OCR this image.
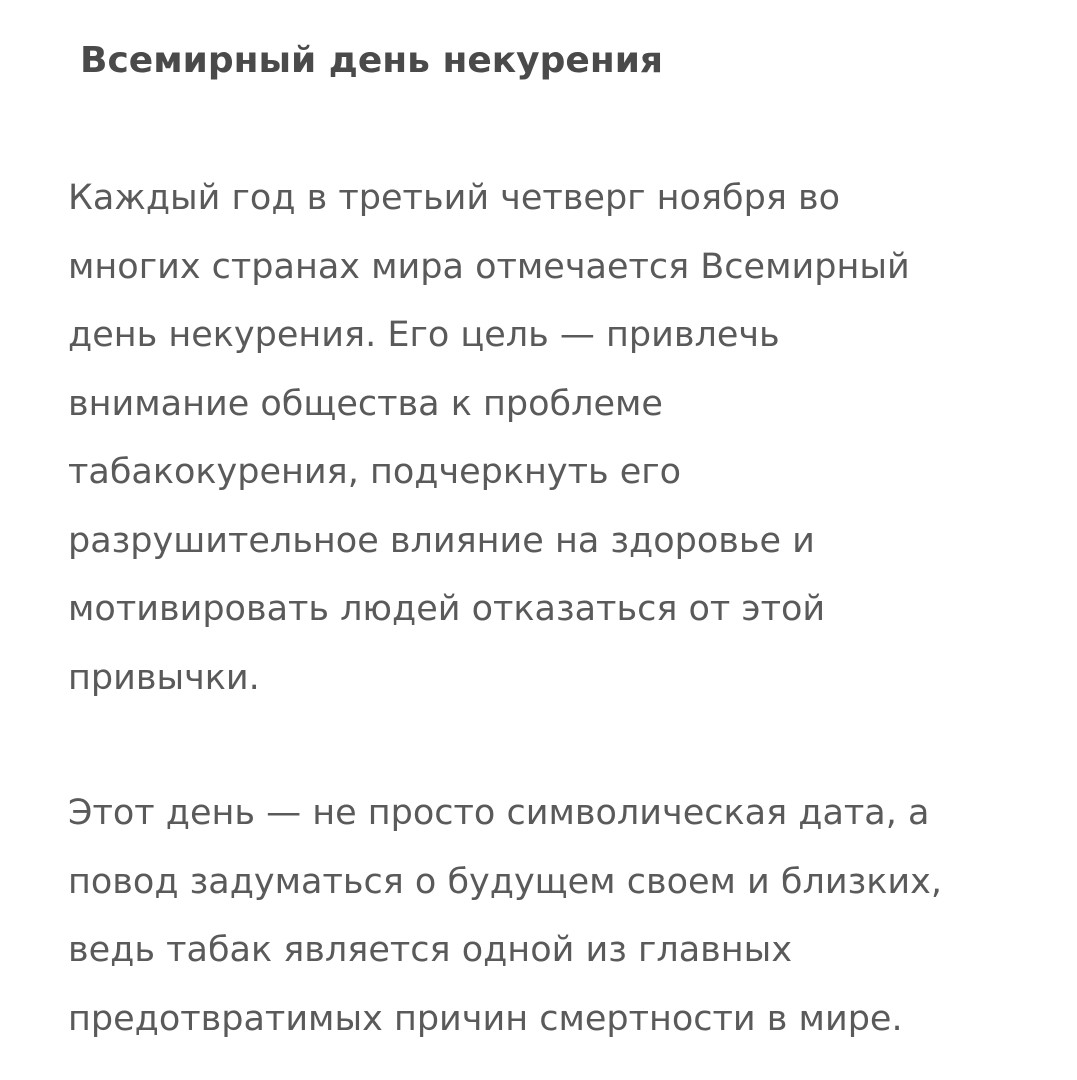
Всемирный день некурения

Каждый год в третьий четверг ноября во
многих странах мира отмечается Всемирный
день некурения. Его цель — привлечь
внимание общества к проблеме
табакокурения, подчеркнуть его
разрушительное влияние на здоровье и
мотивировать людей отказаться от этой
привычки.

Этот день — не просто символическая дата, а
повод задуматься о будущем своем и близких,
ведь табак является одной из главных
предотвратимых причин смертности в мире.
